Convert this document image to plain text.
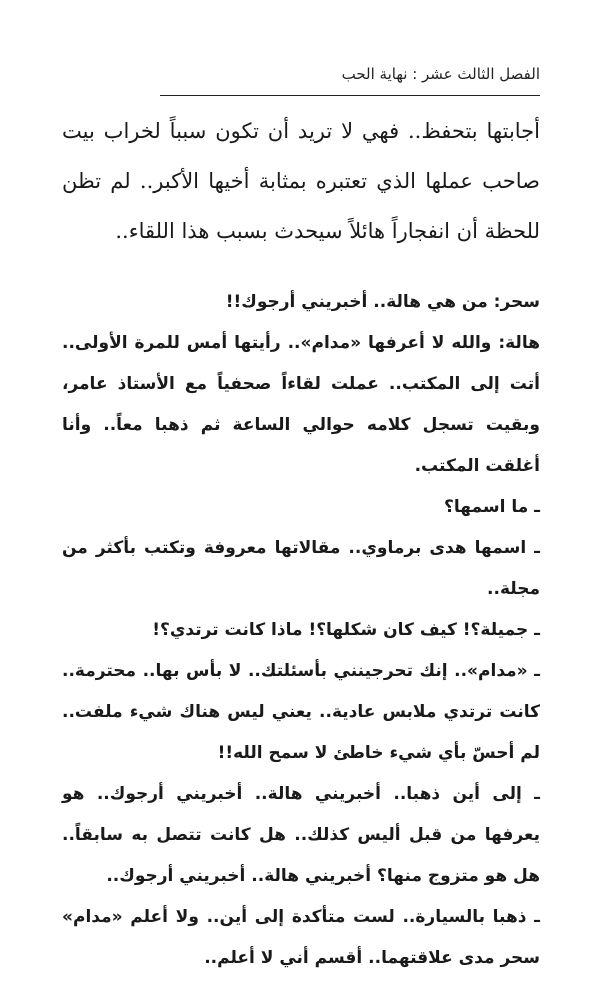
الفصل الثالث عشر : نهاية الحب

أجابتها بتحفظ.. فهي لا تريد أن تكون سبباً لخراب بيت صاحب عملها الذي تعتبره بمثابة أخيها الأكبر.. لم تظن للحظة أن انفجاراً هائلاً سيحدث بسبب هذا اللقاء..

سحر: من هي هالة.. أخبريني أرجوك!!

هالة: والله لا أعرفها «مدام».. رأيتها أمس للمرة الأولى.. أتت إلى المكتب.. عملت لقاءاً صحفياً مع الأستاذ عامر، وبقيت تسجل كلامه حوالي الساعة ثم ذهبا معاً.. وأنا أغلقت المكتب.

ـ ما اسمها؟

ـ اسمها هدى برماوي.. مقالاتها معروفة وتكتب بأكثر من مجلة..

ـ جميلة؟! كيف كان شكلها؟! ماذا كانت ترتدي؟!

ـ «مدام».. إنك تحرجينني بأسئلتك.. لا بأس بها.. محترمة.. كانت ترتدي ملابس عادية.. يعني ليس هناك شيء ملفت.. لم أحسّ بأي شيء خاطئ لا سمح الله!!

ـ إلى أين ذهبا.. أخبريني هالة.. أخبريني أرجوك.. هو يعرفها من قبل أليس كذلك.. هل كانت تتصل به سابقاً.. هل هو متزوج منها؟ أخبريني هالة.. أخبريني أرجوك..

ـ ذهبا بالسيارة.. لست متأكدة إلى أين.. ولا أعلم «مدام» سحر مدى علاقتهما.. أقسم أني لا أعلم..
